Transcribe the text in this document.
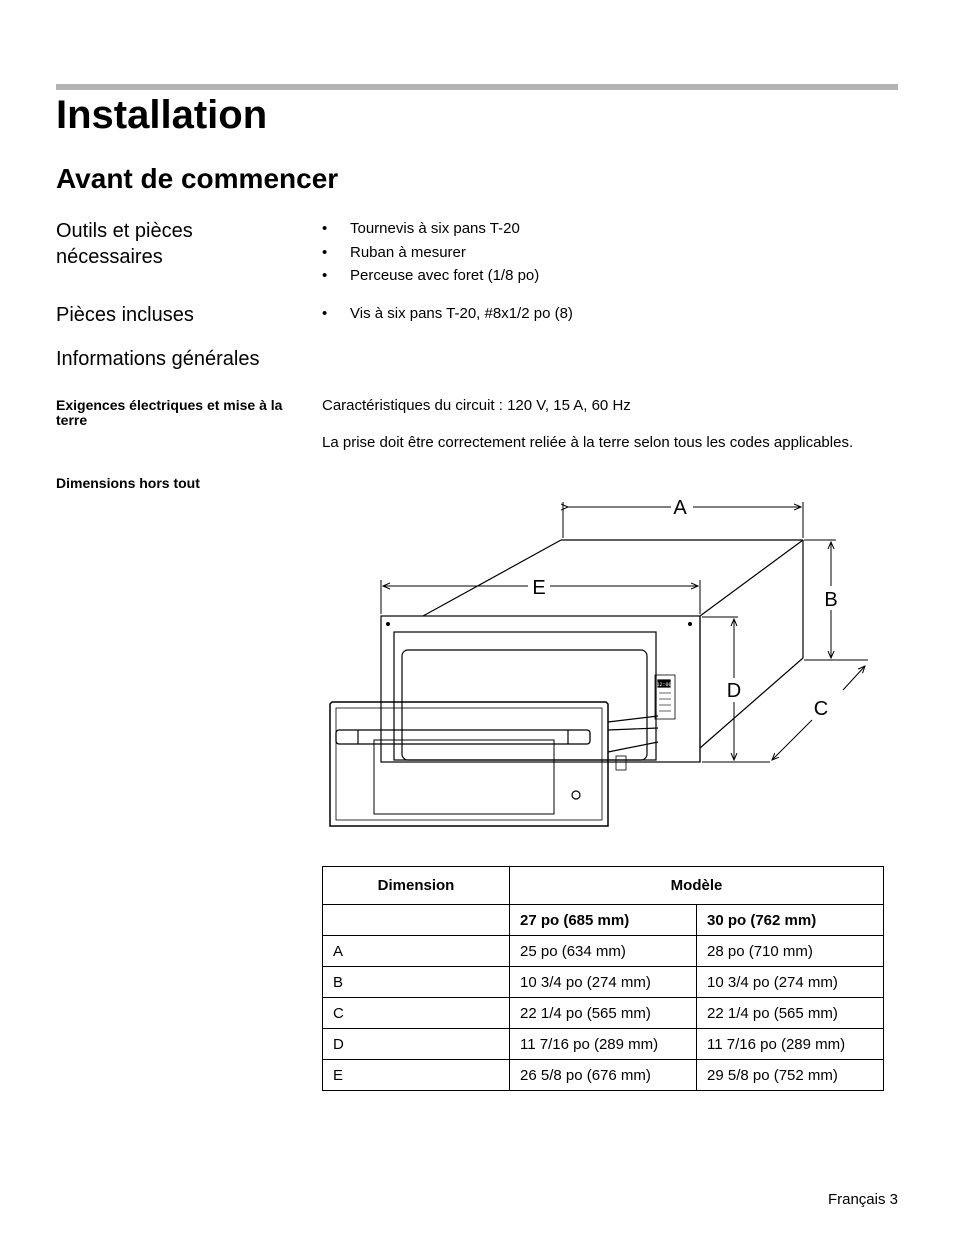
Installation
Avant de commencer
Outils et pièces nécessaires
• Tournevis à six pans T-20
• Ruban à mesurer
• Perceuse avec foret (1/8 po)
Pièces incluses	• Vis à six pans T-20, #8x1/2 po (8)
Informations générales
Exigences électriques et mise à la terre

Caractéristiques du circuit : 120 V, 15 A, 60 Hz

La prise doit être correctement reliée à la terre selon tous les codes applicables.

Dimensions hors tout
A
E
B
D
C
12:00
Dimension	Modèle	
	27 po (685 mm)	30 po (762 mm)
A	25 po (634 mm)	28 po (710 mm)
B	10 3/4 po (274 mm)	10 3/4 po (274 mm)
C	22 1/4 po (565 mm)	22 1/4 po (565 mm)
D	11 7/16 po (289 mm)	11 7/16 po (289 mm)
E	26 5/8 po (676 mm)	29 5/8 po (752 mm)
Français 3
